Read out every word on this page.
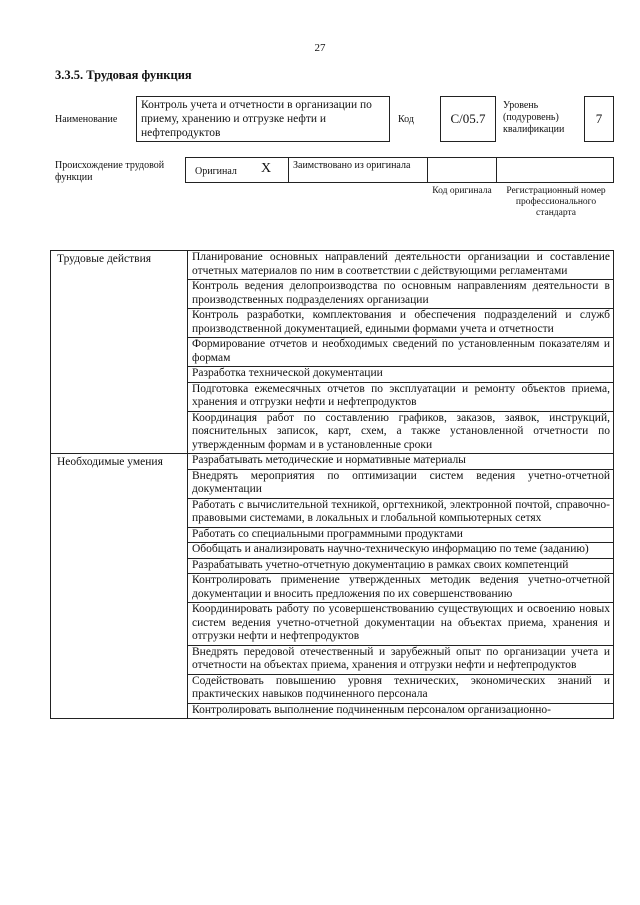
27
3.3.5. Трудовая функция
Наименование
Контроль учета и отчетности в организации по приему, хранению и отгрузке нефти и нефтепродуктов
Код	C/05.7
Уровень (подуровень) квалификации
7
Происхождение трудовой функции
Оригинал X	Заимствовано из оригинала
Код оригинала	Регистрационный номер профессионального стандарта
Трудовые действия	Планирование основных направлений деятельности организации и составление отчетных материалов по ним в соответствии с действующими регламентами
	Контроль ведения делопроизводства по основным направлениям деятельности в производственных подразделениях организации
	Контроль разработки, комплектования и обеспечения подразделений и служб производственной документацией, едиными формами учета и отчетности
	Формирование отчетов и необходимых сведений по установленным показателям и формам
	Разработка технической документации
	Подготовка ежемесячных отчетов по эксплуатации и ремонту объектов приема, хранения и отгрузки нефти и нефтепродуктов
	Координация работ по составлению графиков, заказов, заявок, инструкций, пояснительных записок, карт, схем, а также установленной отчетности по утвержденным формам и в установленные сроки
Необходимые умения	Разрабатывать методические и нормативные материалы
	Внедрять мероприятия по оптимизации систем ведения учетно-отчетной документации
	Работать с вычислительной техникой, оргтехникой, электронной почтой, справочно-правовыми системами, в локальных и глобальной компьютерных сетях
	Работать со специальными программными продуктами
	Обобщать и анализировать научно-техническую информацию по теме (заданию)
	Разрабатывать учетно-отчетную документацию в рамках своих компетенций
	Контролировать применение утвержденных методик ведения учетно-отчетной документации и вносить предложения по их совершенствованию
	Координировать работу по усовершенствованию существующих и освоению новых систем ведения учетно-отчетной документации на объектах приема, хранения и отгрузки нефти и нефтепродуктов
	Внедрять передовой отечественный и зарубежный опыт по организации учета и отчетности на объектах приема, хранения и отгрузки нефти и нефтепродуктов
	Содействовать повышению уровня технических, экономических знаний и практических навыков подчиненного персонала
	Контролировать выполнение подчиненным персоналом организационно-
